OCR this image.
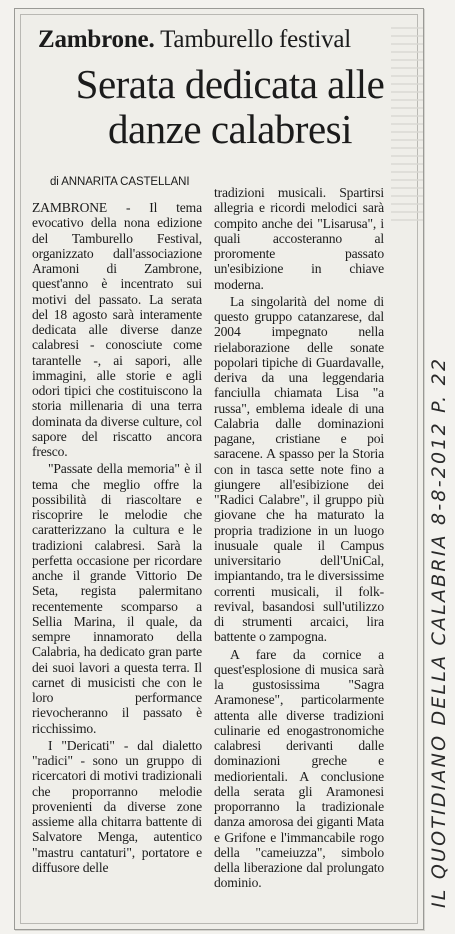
Zambrone. Tamburello festival
Serata dedicata alle danze calabresi
di ANNARITA CASTELLANI

ZAMBRONE - Il tema evocativo della nona edizione del Tamburello Festival, organizzato dall'associazione Aramoni di Zambrone, quest'anno è incentrato sui motivi del passato. La serata del 18 agosto sarà interamente dedicata alle diverse danze calabresi - conosciute come tarantelle -, ai sapori, alle immagini, alle storie e agli odori tipici che costituiscono la storia millenaria di una terra dominata da diverse culture, col sapore del riscatto ancora fresco.

"Passate della memoria" è il tema che meglio offre la possibilità di riascoltare e riscoprire le melodie che caratterizzano la cultura e le tradizioni calabresi. Sarà la perfetta occasione per ricordare anche il grande Vittorio De Seta, regista palermitano recentemente scomparso a Sellia Marina, il quale, da sempre innamorato della Calabria, ha dedicato gran parte dei suoi lavori a questa terra. Il carnet di musicisti che con le loro performance rievocheranno il passato è ricchissimo.

I "Dericati" - dal dialetto "radici" - sono un gruppo di ricercatori di motivi tradizionali che proporranno melodie provenienti da diverse zone assieme alla chitarra battente di Salvatore Menga, autentico "mastru cantaturi", portatore e diffusore delle

tradizioni musicali. Spartirsi allegria e ricordi melodici sarà compito anche dei "Lisarusa", i quali accosteranno al proromente passato un'esibizione in chiave moderna.

La singolarità del nome di questo gruppo catanzarese, dal 2004 impegnato nella rielaborazione delle sonate popolari tipiche di Guardavalle, deriva da una leggendaria fanciulla chiamata Lisa "a russa", emblema ideale di una Calabria dalle dominazioni pagane, cristiane e poi saracene. A spasso per la Storia con in tasca sette note fino a giungere all'esibizione dei "Radici Calabre", il gruppo più giovane che ha maturato la propria tradizione in un luogo inusuale quale il Campus universitario dell'UniCal, impiantando, tra le diversissime correnti musicali, il folk-revival, basandosi sull'utilizzo di strumenti arcaici, lira battente o zampogna.

A fare da cornice a quest'esplosione di musica sarà la gustosissima "Sagra Aramonese", particolarmente attenta alle diverse tradizioni culinarie ed enogastronomiche calabresi derivanti dalle dominazioni greche e mediorientali. A conclusione della serata gli Aramonesi proporranno la tradizionale danza amorosa dei giganti Mata e Grifone e l'immancabile rogo della "cameiuzza", simbolo della liberazione dal prolungato dominio.	IL QUOTIDIANO DELLA CALABRIA 8-8-2012 P. 22
